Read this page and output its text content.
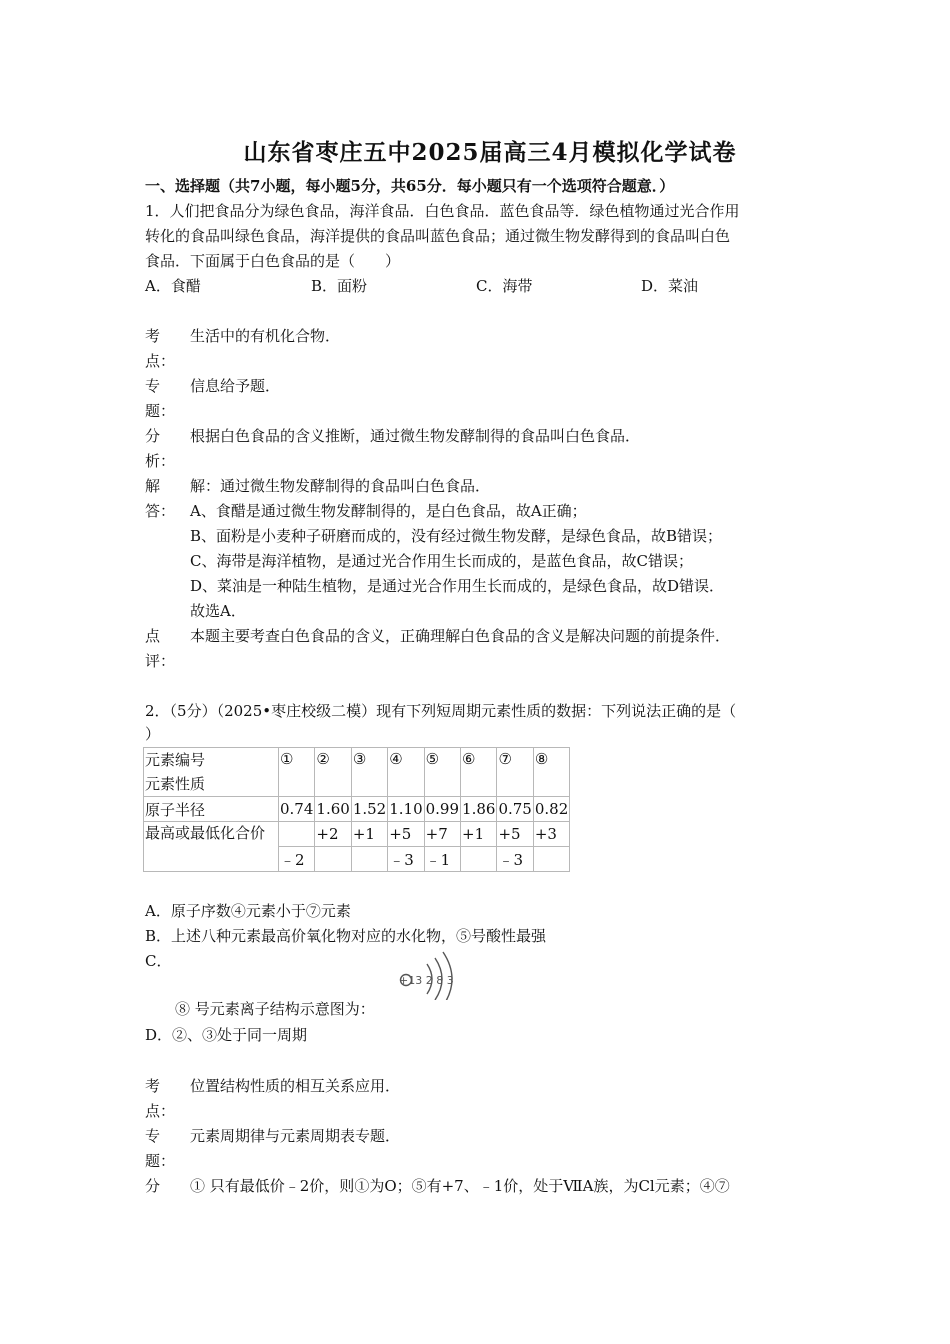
山东省枣庄五中2025届高三4月模拟化学试卷
一、选择题（共7小题，每小题5分，共65分．每小题只有一个选项符合题意．）
1．人们把食品分为绿色食品，海洋食品．白色食品．蓝色食品等．绿色植物通过光合作用
转化的食品叫绿色食品，海洋提供的食品叫蓝色食品；通过微生物发酵得到的食品叫白色
食品．下面属于白色食品的是（　　）
A．食醋	B．面粉	C．海带	D．菜油
考
点：
生活中的有机化合物．
专
题：
信息给予题．
分
析：
根据白色食品的含义推断，通过微生物发酵制得的食品叫白色食品．
解
答：
解：通过微生物发酵制得的食品叫白色食品．
A、食醋是通过微生物发酵制得的，是白色食品，故A正确；
B、面粉是小麦种子研磨而成的，没有经过微生物发酵，是绿色食品，故B错误；
C、海带是海洋植物，是通过光合作用生长而成的，是蓝色食品，故C错误；
D、菜油是一种陆生植物，是通过光合作用生长而成的，是绿色食品，故D错误．
故选A．
点
评：
本题主要考查白色食品的含义，正确理解白色食品的含义是解决问题的前提条件．
2．（5分）（2025•枣庄校级二模）现有下列短周期元素性质的数据：下列说法正确的是（
）
元素编号
元素性质	①	②	③	④	⑤	⑥	⑦	⑧
原子半径	0.74	1.60	1.52	1.10	0.99	1.86	0.75	0.82
最高或最低化合价		+2	+1	+5	+7	+1	+5	+3
	﹣2			﹣3	﹣1		﹣3	
A．原子序数④元素小于⑦元素
B．上述八种元素最高价氧化物对应的水化物，⑤号酸性最强
C．
+13 2 8 3
⑧ 号元素离子结构示意图为：
D．②、③处于同一周期
考
点：
位置结构性质的相互关系应用．
专
题：
元素周期律与元素周期表专题．
分 ① 只有最低价﹣2价，则①为O；⑤有+7、﹣1价，处于ⅦA族，为Cl元素；④⑦
